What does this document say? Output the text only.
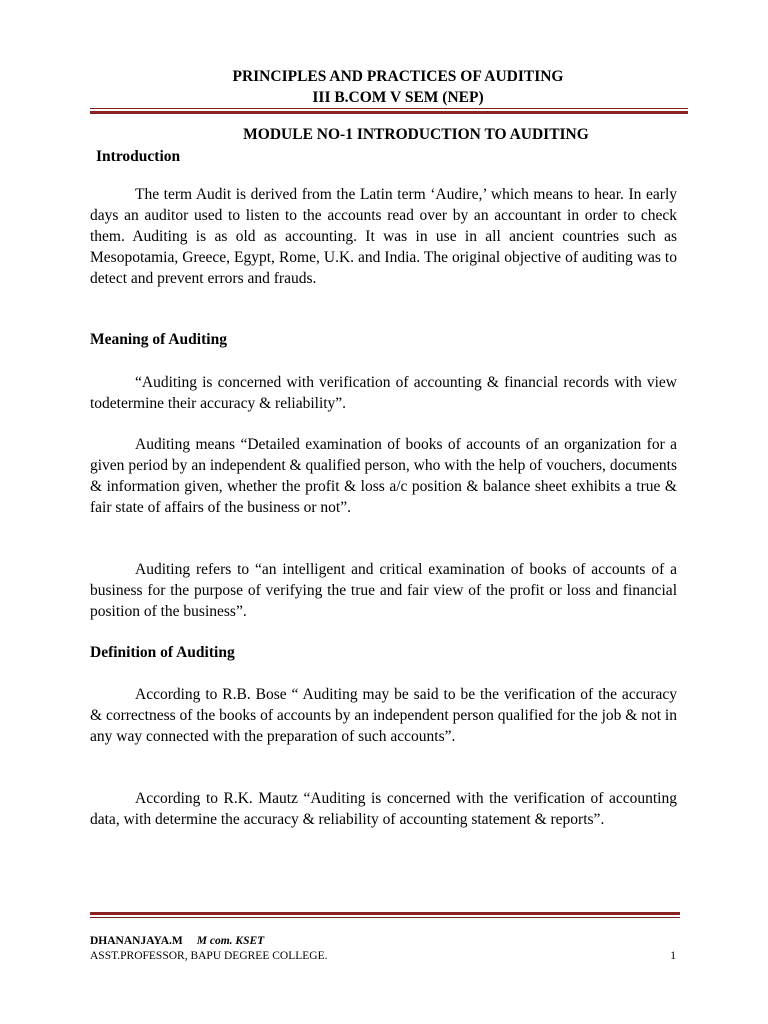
PRINCIPLES AND PRACTICES OF AUDITING
III B.COM V SEM (NEP)
MODULE NO-1 INTRODUCTION TO AUDITING
Introduction

The term Audit is derived from the Latin term ‘Audire,’ which means to hear. In early days an auditor used to listen to the accounts read over by an accountant in order to check them. Auditing is as old as accounting. It was in use in all ancient countries such as Mesopotamia, Greece, Egypt, Rome, U.K. and India. The original objective of auditing was to detect and prevent errors and frauds.

Meaning of Auditing

“Auditing is concerned with verification of accounting & financial records with view todetermine their accuracy & reliability”.

Auditing means “Detailed examination of books of accounts of an organization for a given period by an independent & qualified person, who with the help of vouchers, documents & information given, whether the profit & loss a/c position & balance sheet exhibits a true & fair state of affairs of the business or not”.

Auditing refers to “an intelligent and critical examination of books of accounts of a business for the purpose of verifying the true and fair view of the profit or loss and financial position of the business”.

Definition of Auditing

According to R.B. Bose “ Auditing may be said to be the verification of the accuracy & correctness of the books of accounts by an independent person qualified for the job & not in any way connected with the preparation of such accounts”.

According to R.K. Mautz “Auditing is concerned with the verification of accounting data, with determine the accuracy & reliability of accounting statement & reports”.

DHANANJAYA.M M com. KSET
ASST.PROFESSOR, BAPU DEGREE COLLEGE.	1
